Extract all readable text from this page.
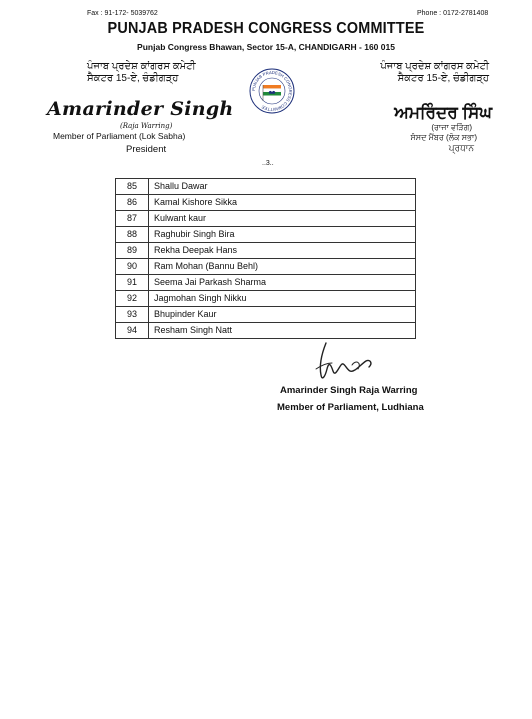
Fax : 91-172- 5039762	Phone : 0172-2781408
PUNJAB PRADESH CONGRESS COMMITTEE
Punjab Congress Bhawan, Sector 15-A, CHANDIGARH - 160 015
ਪੰਜਾਬ ਪ੍ਰਦੇਸ਼ ਕਾਂਗਰਸ ਕਮੇਟੀ
ਸੈਕਟਰ 15-ਏ, ਚੰਡੀਗੜ੍ਹ
ਪੰਜਾਬ ਪ੍ਰਦੇਸ਼ ਕਾਂਗਰਸ ਕਮੇਟੀ
ਸੈਕਟਰ 15-ਏ, ਚੰਡੀਗੜ੍ਹ
PUNJAB PRADESH CONGRESS COMMITTEE
Amarinder Singh
(Raja Warring)
Member of Parliament (Lok Sabha)
President
ਅਮਰਿੰਦਰ ਸਿੰਘ
(ਰਾਜਾ ਵੜਿੰਗ)
ਸੰਸਦ ਮੈਂਬਰ (ਲੋਕ ਸਭਾ)
ਪ੍ਰਧਾਨ
..3..
85	Shallu Dawar
86	Kamal Kishore Sikka
87	Kulwant kaur
88	Raghubir Singh Bira
89	Rekha Deepak Hans
90	Ram Mohan (Bannu Behl)
91	Seema Jai Parkash Sharma
92	Jagmohan Singh Nikku
93	Bhupinder Kaur
94	Resham Singh Natt
Amarinder Singh Raja Warring
Member of Parliament, Ludhiana
